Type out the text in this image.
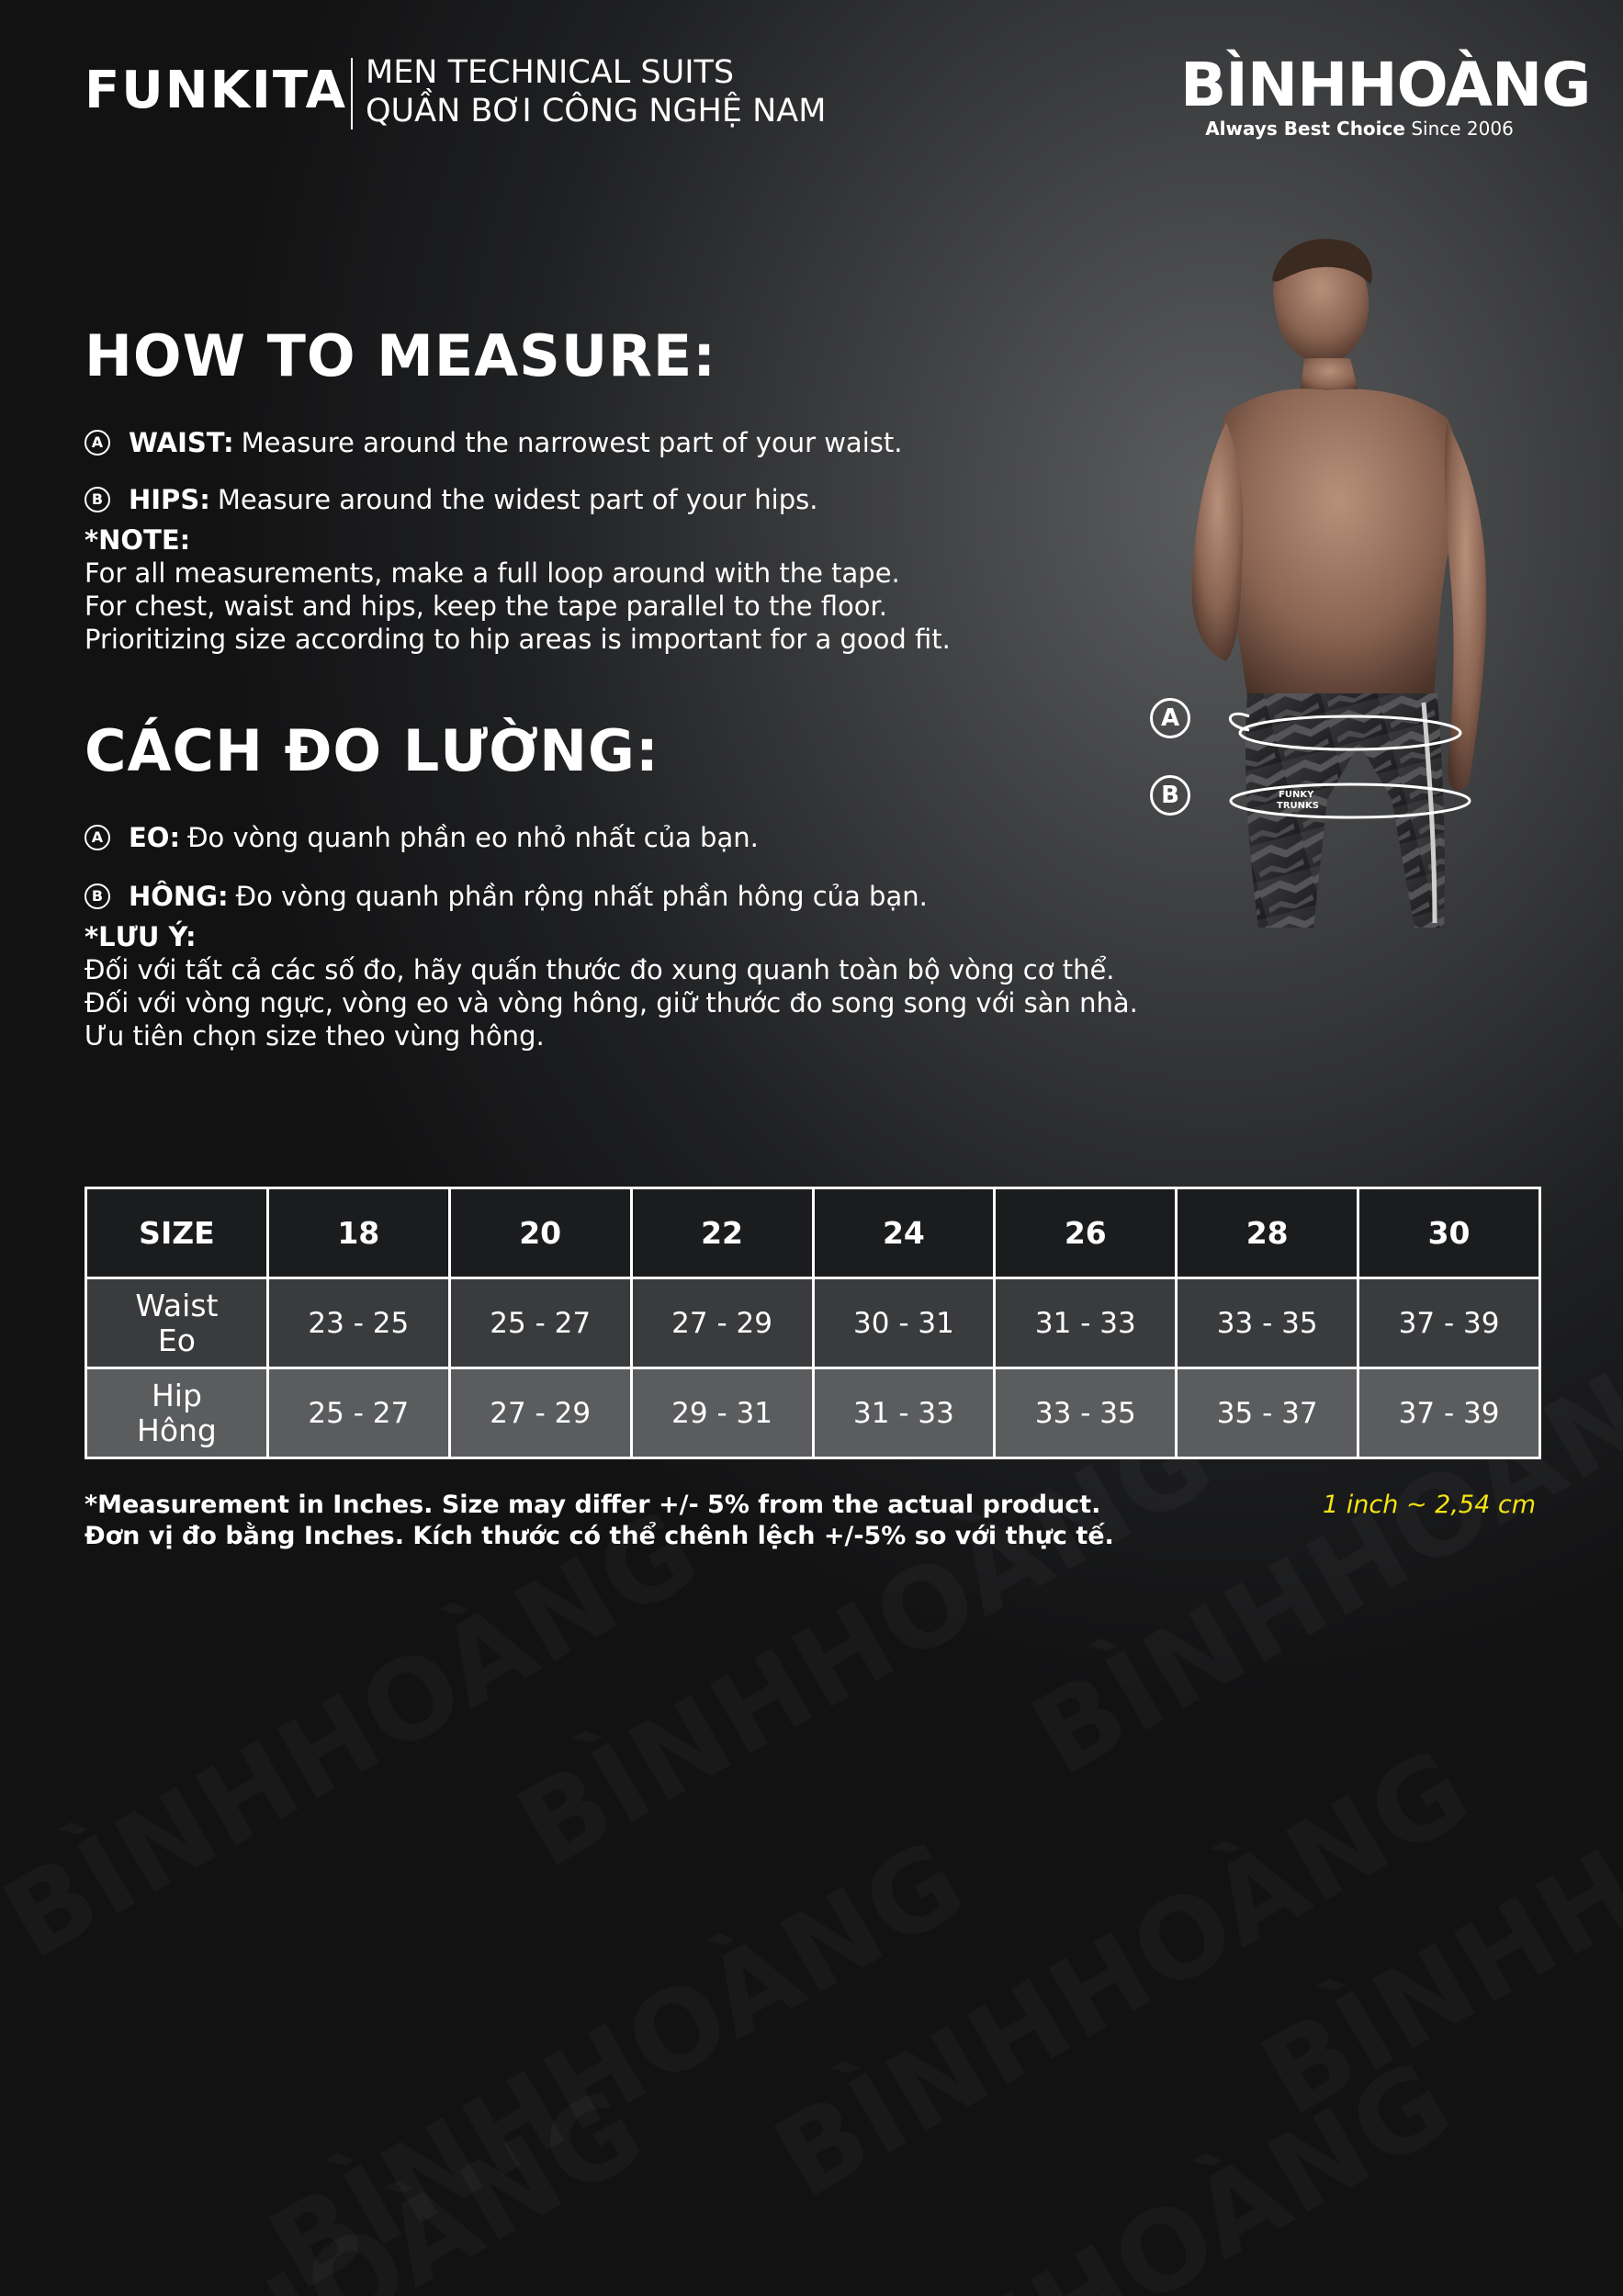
FUNKITA MEN TECHNICAL SUITS
QUẦN BƠI CÔNG NGHỆ NAM	BÌNHHOÀNG
Always Best Choice Since 2006
HOW TO MEASURE:
A WAIST: Measure around the narrowest part of your waist.
B HIPS: Measure around the widest part of your hips.
*NOTE:
For all measurements, make a full loop around with the tape.
For chest, waist and hips, keep the tape parallel to the floor.
Prioritizing size according to hip areas is important for a good fit.
CÁCH ĐO LƯỜNG:
A EO: Đo vòng quanh phần eo nhỏ nhất của bạn.
B HÔNG: Đo vòng quanh phần rộng nhất phần hông của bạn.
*LƯU Ý:
Đối với tất cả các số đo, hãy quấn thước đo xung quanh toàn bộ vòng cơ thể.
Đối với vòng ngực, vòng eo và vòng hông, giữ thước đo song song với sàn nhà.
Ưu tiên chọn size theo vùng hông.
FUNKY
TRUNKS
A
B
SIZE	18	20	22	24	26	28	30

Waist
Eo	23 - 25	25 - 27	27 - 29	30 - 31	31 - 33	33 - 35	37 - 39

Hip
Hông	25 - 27	27 - 29	29 - 31	31 - 33	33 - 35	35 - 37	37 - 39
*Measurement in Inches. Size may differ +/- 5% from the actual product.
Đơn vị đo bằng Inches. Kích thước có thể chênh lệch +/-5% so với thực tế.
1 inch ~ 2,54 cm
